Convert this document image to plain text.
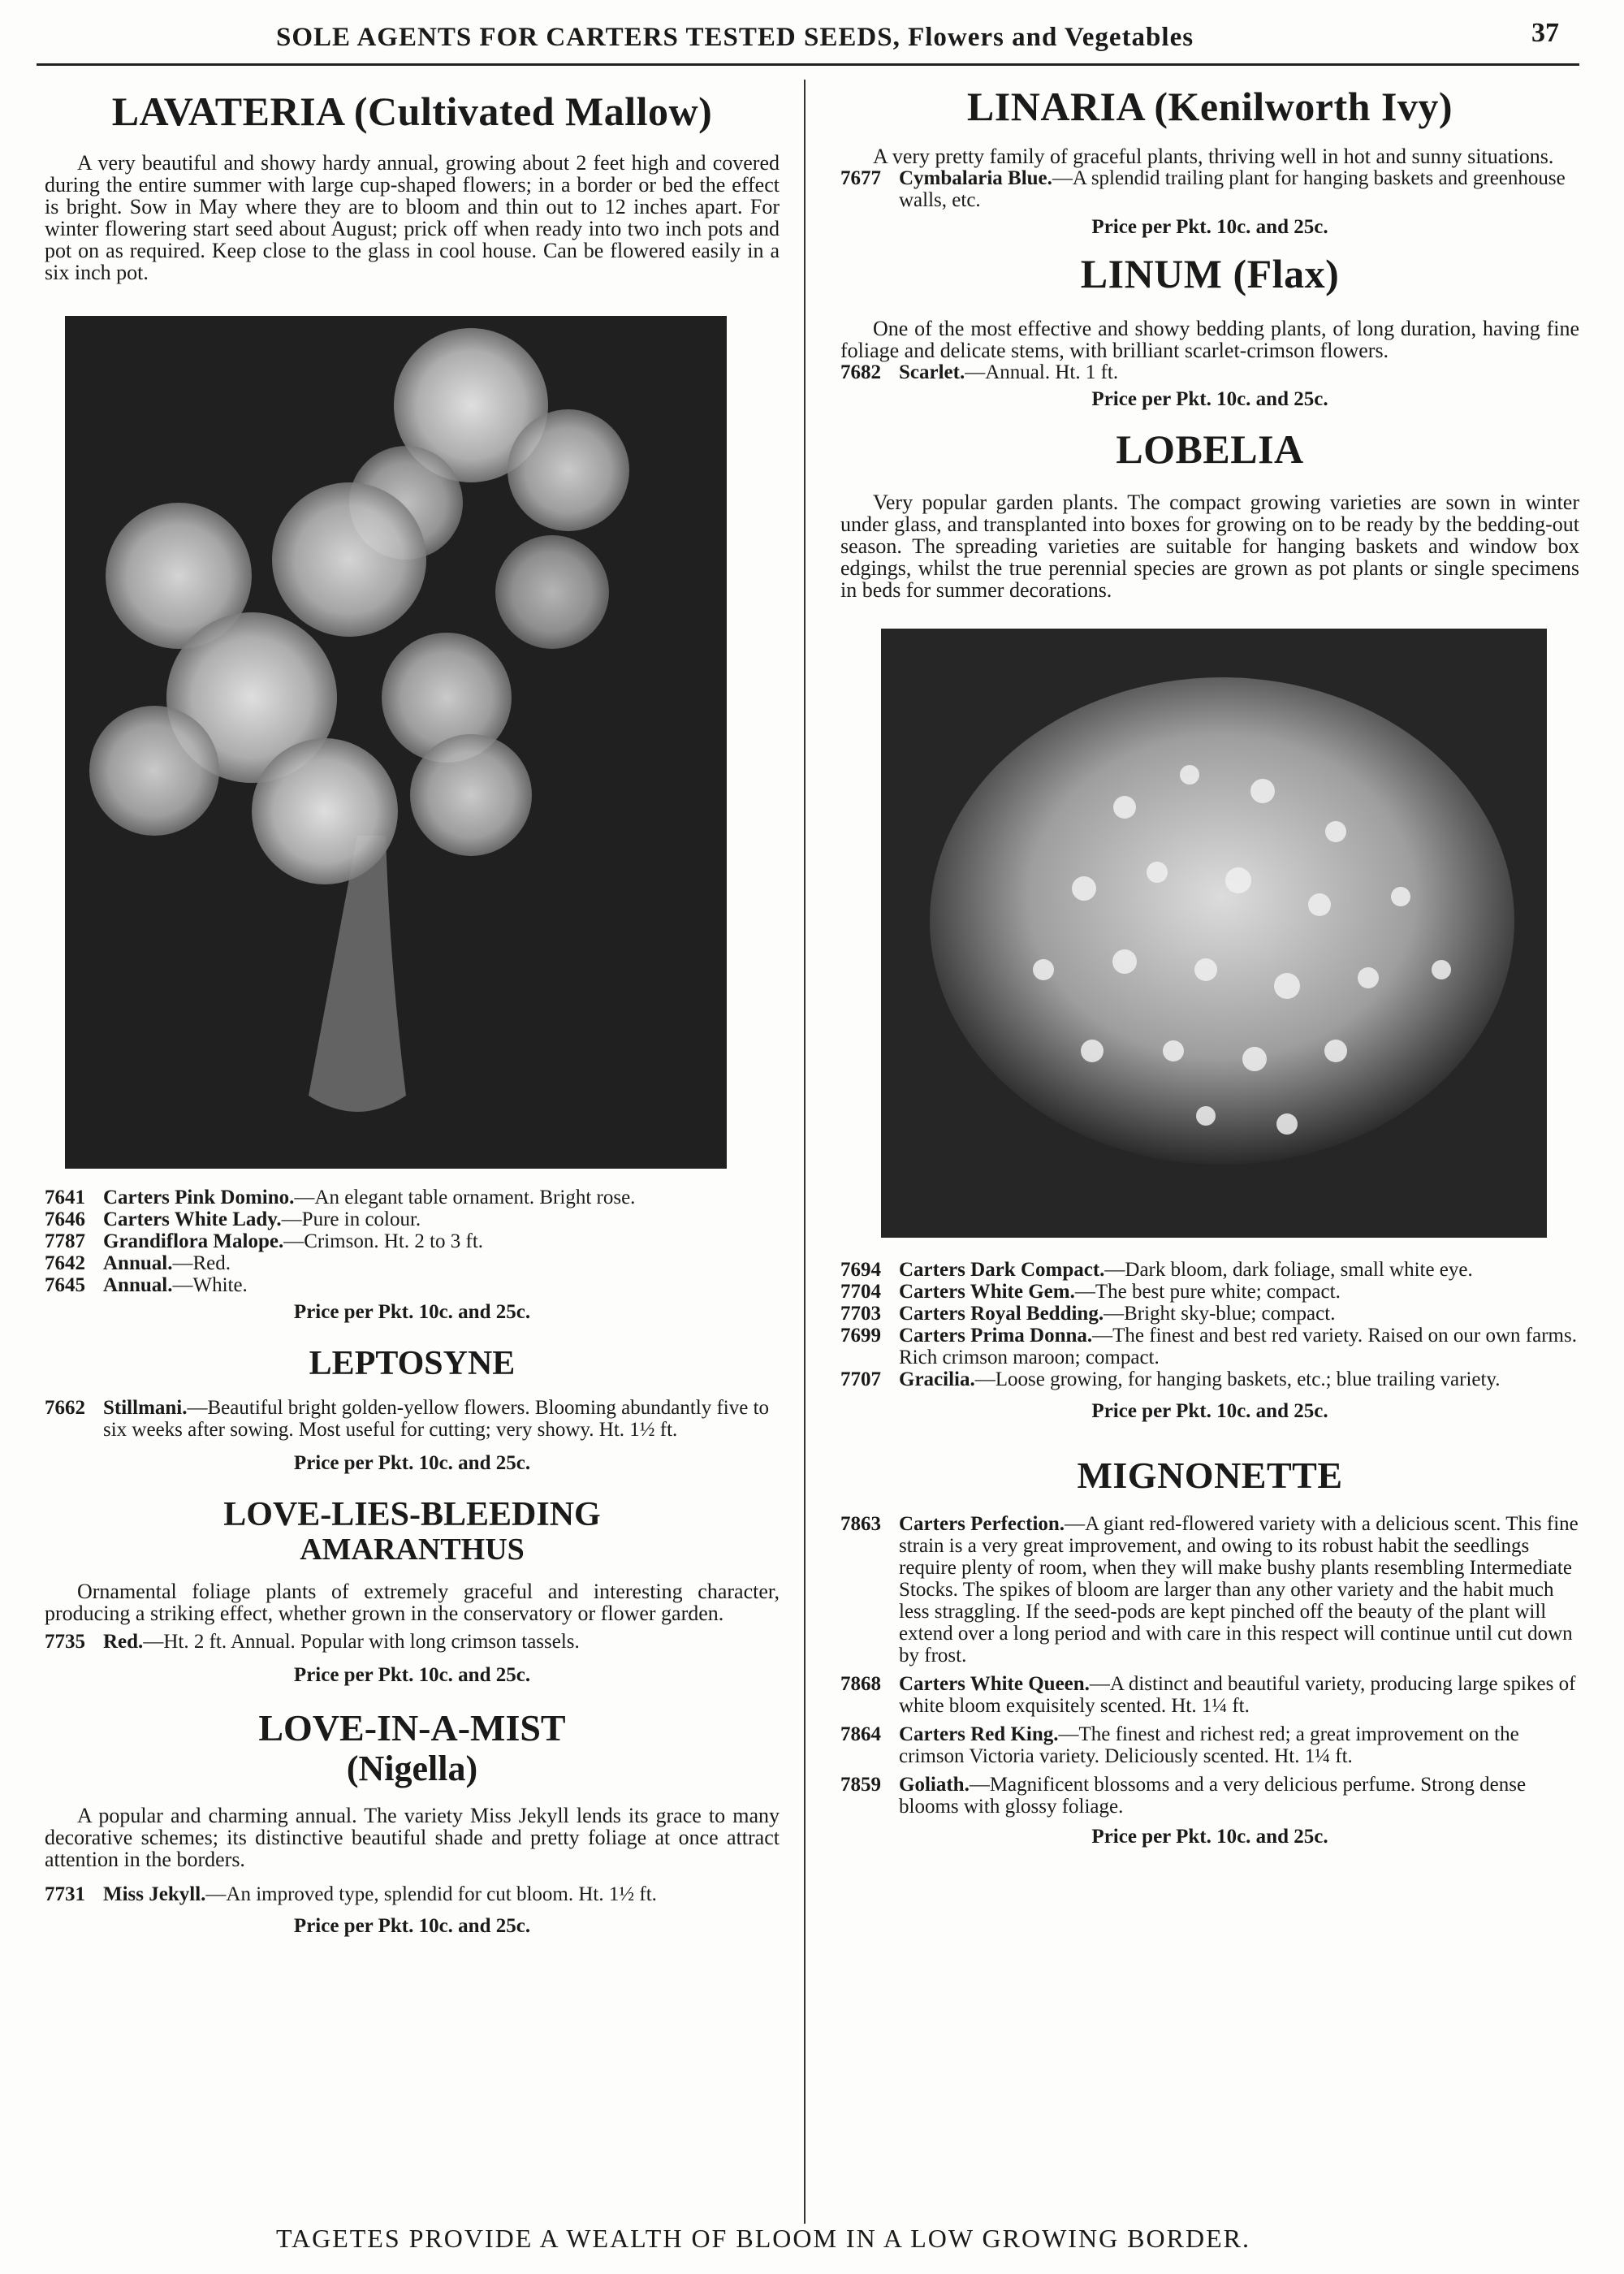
SOLE AGENTS FOR CARTERS TESTED SEEDS, Flowers and Vegetables	37
LAVATERIA (Cultivated Mallow)

A very beautiful and showy hardy annual, growing about 2 feet high and covered during the entire summer with large cup-shaped flowers; in a border or bed the effect is bright. Sow in May where they are to bloom and thin out to 12 inches apart. For winter flowering start seed about August; prick off when ready into two inch pots and pot on as required. Keep close to the glass in cool house. Can be flowered easily in a six inch pot.

7641 Carters Pink Domino.—An elegant table ornament. Bright rose.
7646 Carters White Lady.—Pure in colour.
7787 Grandiflora Malope.—Crimson. Ht. 2 to 3 ft.
7642 Annual.—Red.
7645 Annual.—White.
Price per Pkt. 10c. and 25c.
LEPTOSYNE
7662 Stillmani.—Beautiful bright golden-yellow flowers. Blooming abundantly five to six weeks after sowing. Most useful for cutting; very showy. Ht. 1½ ft.
Price per Pkt. 10c. and 25c.
LOVE-LIES-BLEEDING
AMARANTHUS

Ornamental foliage plants of extremely graceful and interesting character, producing a striking effect, whether grown in the conservatory or flower garden.

7735 Red.—Ht. 2 ft. Annual. Popular with long crimson tassels.
Price per Pkt. 10c. and 25c.
LOVE-IN-A-MIST
(Nigella)

A popular and charming annual. The variety Miss Jekyll lends its grace to many decorative schemes; its distinctive beautiful shade and pretty foliage at once attract attention in the borders.

7731 Miss Jekyll.—An improved type, splendid for cut bloom. Ht. 1½ ft.
Price per Pkt. 10c. and 25c.
LINARIA (Kenilworth Ivy)

A very pretty family of graceful plants, thriving well in hot and sunny situations.

7677 Cymbalaria Blue.—A splendid trailing plant for hanging baskets and greenhouse walls, etc.
Price per Pkt. 10c. and 25c.
LINUM (Flax)

One of the most effective and showy bedding plants, of long duration, having fine foliage and delicate stems, with brilliant scarlet-crimson flowers.

7682 Scarlet.—Annual. Ht. 1 ft.
Price per Pkt. 10c. and 25c.
LOBELIA

Very popular garden plants. The compact growing varieties are sown in winter under glass, and transplanted into boxes for growing on to be ready by the bedding-out season. The spreading varieties are suitable for hanging baskets and window box edgings, whilst the true perennial species are grown as pot plants or single specimens in beds for summer decorations.

7694 Carters Dark Compact.—Dark bloom, dark foliage, small white eye.
7704 Carters White Gem.—The best pure white; compact.
7703 Carters Royal Bedding.—Bright sky-blue; compact.
7699 Carters Prima Donna.—The finest and best red variety. Raised on our own farms. Rich crimson maroon; compact.
7707 Gracilia.—Loose growing, for hanging baskets, etc.; blue trailing variety.
Price per Pkt. 10c. and 25c.
MIGNONETTE
7863 Carters Perfection.—A giant red-flowered variety with a delicious scent. This fine strain is a very great improvement, and owing to its robust habit the seedlings require plenty of room, when they will make bushy plants resembling Intermediate Stocks. The spikes of bloom are larger than any other variety and the habit much less straggling. If the seed-pods are kept pinched off the beauty of the plant will extend over a long period and with care in this respect will continue until cut down by frost.
7868 Carters White Queen.—A distinct and beautiful variety, producing large spikes of white bloom exquisitely scented. Ht. 1¼ ft.
7864 Carters Red King.—The finest and richest red; a great improvement on the crimson Victoria variety. Deliciously scented. Ht. 1¼ ft.
7859 Goliath.—Magnificent blossoms and a very delicious perfume. Strong dense blooms with glossy foliage.
Price per Pkt. 10c. and 25c.
TAGETES PROVIDE A WEALTH OF BLOOM IN A LOW GROWING BORDER.
